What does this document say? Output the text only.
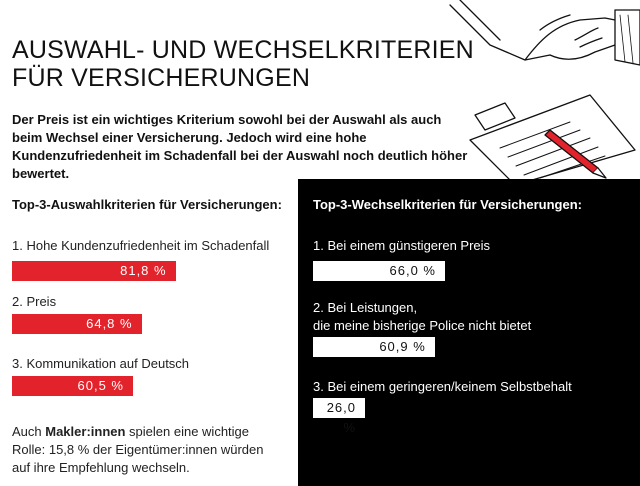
AUSWAHL- UND WECHSELKRITERIEN
FÜR VERSICHERUNGEN

Der Preis ist ein wichtiges Kriterium sowohl bei der Auswahl als auch beim Wechsel einer Versicherung. Jedoch wird eine hohe Kundenzufriedenheit im Schadenfall bei der Auswahl noch deutlich höher bewertet.

Top-3-Auswahlkriterien für Versicherungen:

1. Hohe Kundenzufriedenheit im Schadenfall

81,8 %

2. Preis

64,8 %

3. Kommunikation auf Deutsch

60,5 %

Top-3-Wechselkriterien für Versicherungen:

1. Bei einem günstigeren Preis

66,0 %

2. Bei Leistungen,

die meine bisherige Police nicht bietet

60,9 %

3. Bei einem geringeren/keinem Selbstbehalt

26,0 %

Auch Makler:innen spielen eine wichtige Rolle: 15,8 % der Eigentümer:innen würden auf ihre Empfehlung wechseln.
